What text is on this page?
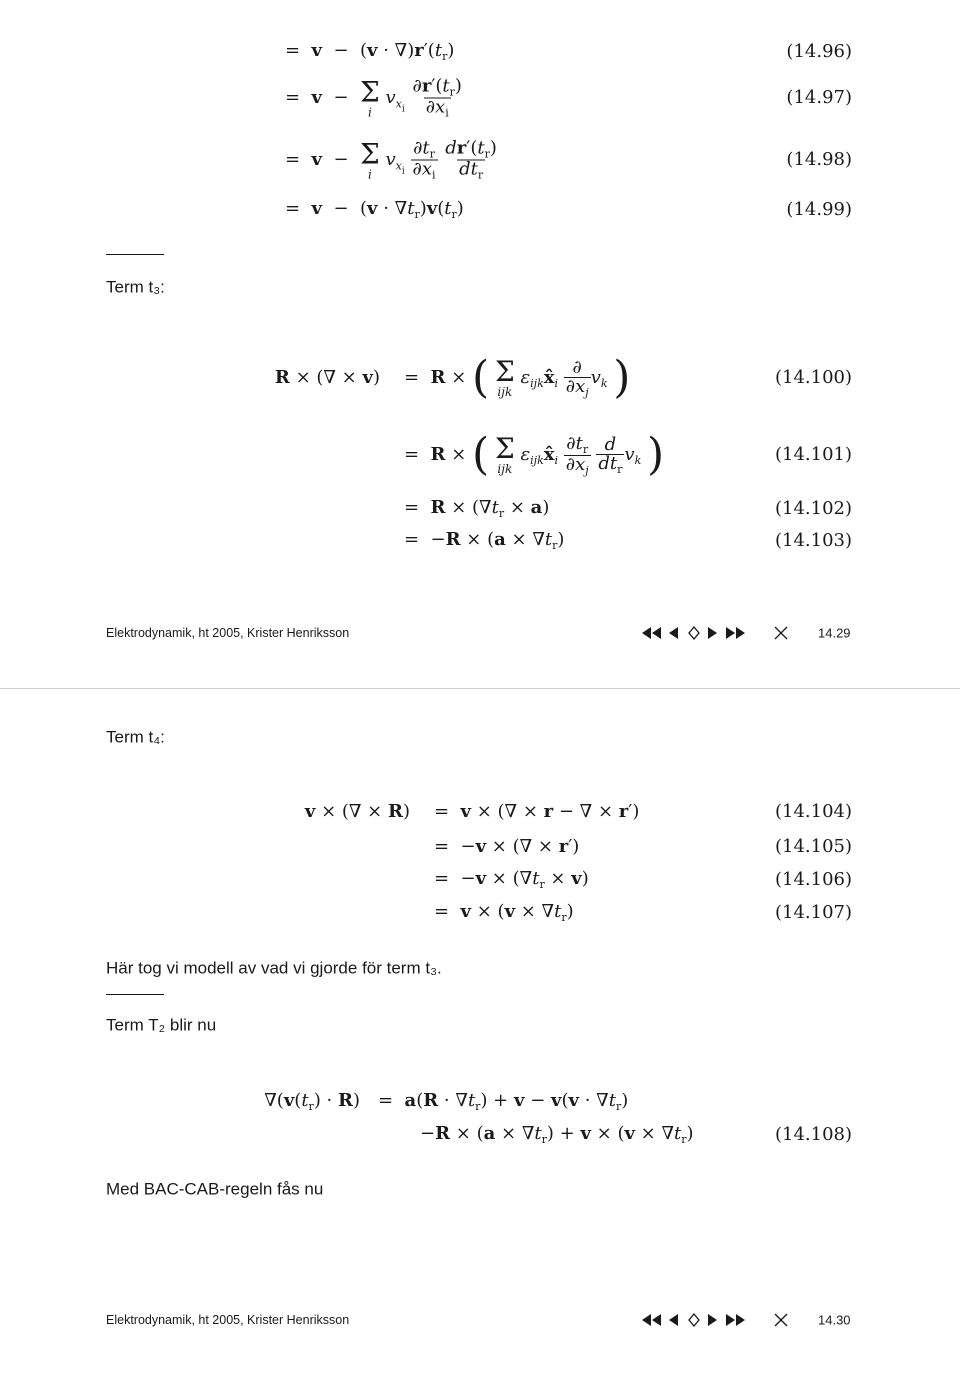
=  $v - (v \cdot \nabla)r'(t_r)$	(14.96)
=  v  − Σ
i
$v_{x_i} \frac{\partial r'(t_r)}{\partial x_i}$	(14.97)
=  v  − Σ
i
$v_{x_i} \frac{\partial t_r}{\partial x_i}$
$\frac{dr'(t_r)}{dt_r}$	(14.98)
=  $v - (v \cdot \nabla t_r)v(t_r)$	(14.99)
Term t₃:
R × (∇ × v) =  R × ( Σ
ijk
$\varepsilon_{ijk}x̂_i \frac{\partial}{\partial x_j} v_k$ )	(14.100)
=  R × ( Σ
ijk
$\varepsilon_{ijk}x̂_i \frac{\partial t_r}{\partial x_j}$
$\frac{d}{dt_r} v_k$ )	(14.101)
=  $R \times (\nabla t_r \times a)$	(14.102)
=  $-R \times (a \times \nabla t_r)$	(14.103)
Elektrodynamik, ht 2005, Krister Henriksson	14.29
Term t₄:
v × (∇ × R) =  v × (∇ × r − ∇ × r′)	(14.104)
=  −v × (∇ × r′)	(14.105)
=  $-v \times (\nabla t_r \times v)$	(14.106)
=  $v \times (v \times \nabla t_r)$	(14.107)
Här tog vi modell av vad vi gjorde för term t₃.
Term T₂ blir nu
$\nabla(v(t_r) \cdot R) = a(R \cdot \nabla t_r) + v - v(v \cdot \nabla t_r)$
$-R \times (a \times \nabla t_r) + v \times (v \times \nabla t_r)$	(14.108)
Med BAC-CAB-regeln fås nu
Elektrodynamik, ht 2005, Krister Henriksson	14.30
